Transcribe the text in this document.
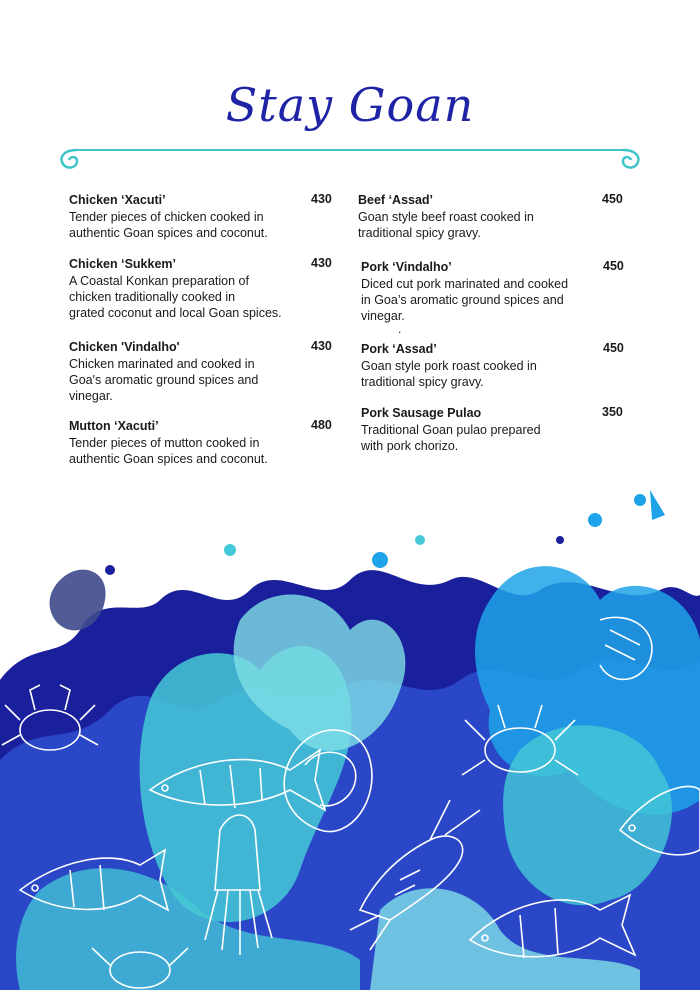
Stay Goan
Chicken ‘Xacuti’
Tender pieces of chicken cooked in
authentic Goan spices and coconut.
430
Chicken ‘Sukkem’
A Coastal Konkan preparation of
chicken traditionally cooked in
grated coconut and local Goan spices.
430
Chicken 'Vindalho'
Chicken marinated and cooked in
Goa's aromatic ground spices and
vinegar.
430
Mutton ‘Xacuti’
Tender pieces of mutton cooked in
authentic Goan spices and coconut.
480
Beef ‘Assad’
Goan style beef roast cooked in
traditional spicy gravy.
450
Pork ‘Vindalho’
Diced cut pork marinated and cooked
in Goa’s aromatic ground spices and
vinegar.
450
.
Pork ‘Assad’
Goan style pork roast cooked in
traditional spicy gravy.
450
Pork Sausage Pulao
Traditional Goan pulao prepared
with pork chorizo.
350
